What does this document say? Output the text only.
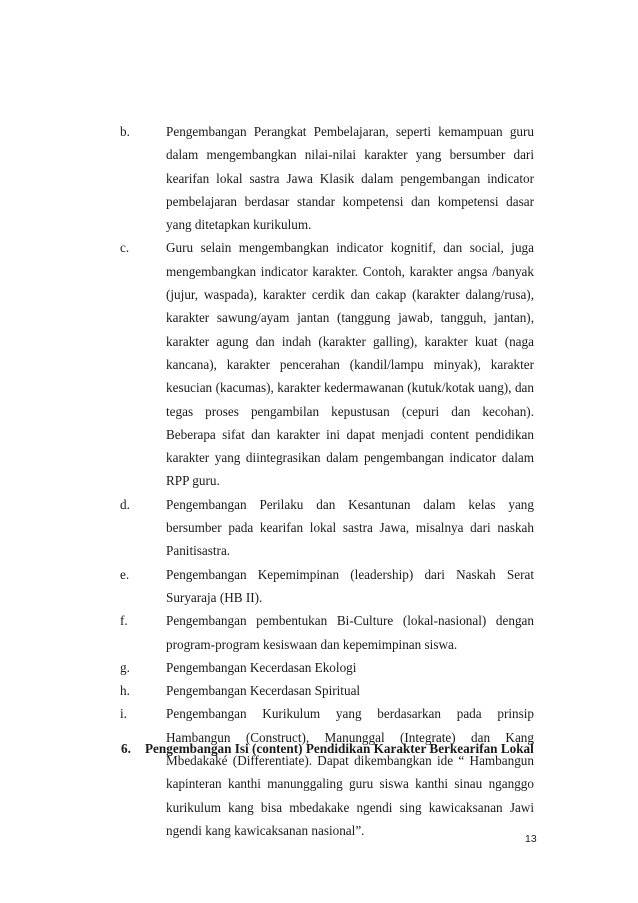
b.	Pengembangan Perangkat Pembelajaran, seperti kemampuan guru dalam mengembangkan nilai-nilai karakter yang bersumber dari kearifan lokal sastra Jawa Klasik dalam pengembangan indicator pembelajaran berdasar standar kompetensi dan kompetensi dasar yang ditetapkan kurikulum.
c.	Guru selain mengembangkan indicator kognitif, dan social, juga mengembangkan indicator karakter. Contoh, karakter angsa /banyak (jujur, waspada), karakter cerdik dan cakap (karakter dalang/rusa), karakter sawung/ayam jantan (tanggung jawab, tangguh, jantan), karakter agung dan indah (karakter galling), karakter kuat (naga kancana), karakter pencerahan (kandil/lampu minyak), karakter kesucian (kacumas), karakter kedermawanan (kutuk/kotak uang), dan tegas proses pengambilan kepustusan (cepuri dan kecohan). Beberapa sifat dan karakter ini dapat menjadi content pendidikan karakter yang diintegrasikan dalam pengembangan indicator dalam RPP guru.
d.	Pengembangan Perilaku dan Kesantunan dalam kelas yang bersumber pada kearifan lokal sastra Jawa, misalnya dari naskah Panitisastra.
e.	Pengembangan Kepemimpinan (leadership) dari Naskah Serat Suryaraja (HB II).
f.	Pengembangan pembentukan Bi-Culture (lokal-nasional) dengan program-program kesiswaan dan kepemimpinan siswa.
g.	Pengembangan Kecerdasan Ekologi
h.	Pengembangan Kecerdasan Spiritual
i.	Pengembangan Kurikulum yang berdasarkan pada prinsip Hambangun (Construct), Manunggal (Integrate) dan Kang Mbedakaké (Differentiate). Dapat dikembangkan ide “ Hambangun kapinteran kanthi manunggaling guru siswa kanthi sinau nganggo kurikulum kang bisa mbedakake ngendi sing kawicaksanan Jawi ngendi kang kawicaksanan nasional”.
6.	Pengembangan Isi (content) Pendidikan Karakter Berkearifan Lokal
13
